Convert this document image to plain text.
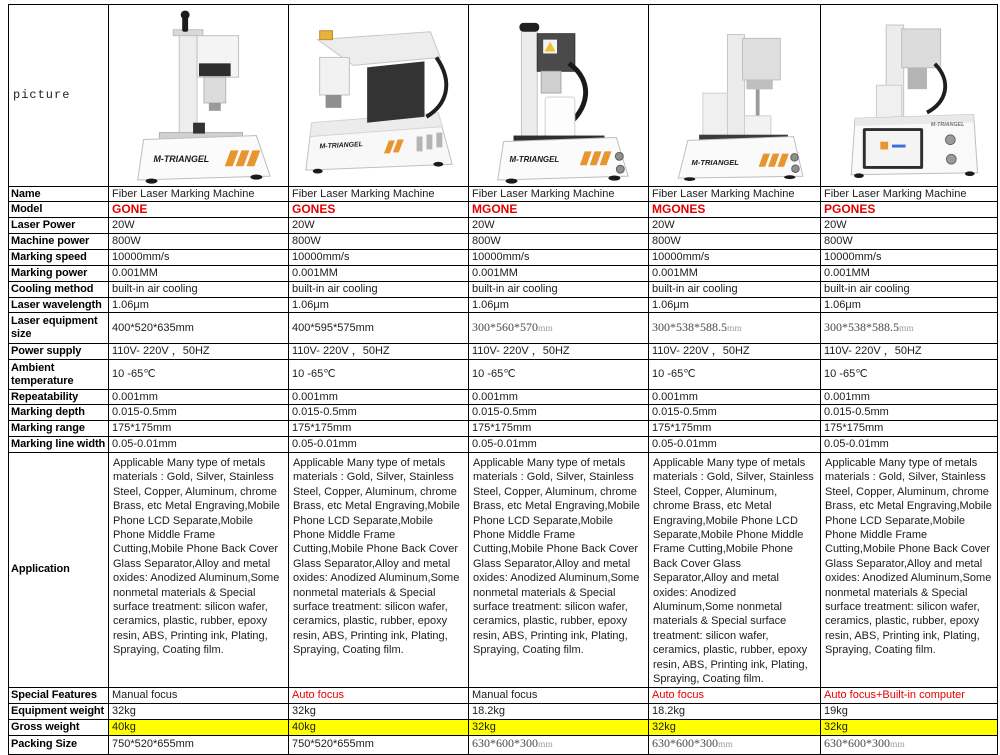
picture	M-TRIANGEL	M-TRIANGEL	M-TRIANGEL	M-TRIANGEL	M-TRIANGEL

Name	Fiber Laser Marking Machine	Fiber Laser Marking Machine	Fiber Laser Marking Machine	Fiber Laser Marking Machine	Fiber Laser Marking Machine
Model	GONE	GONES	MGONE	MGONES	PGONES
Laser Power	20W	20W	20W	20W	20W
Machine power	800W	800W	800W	800W	800W
Marking speed	10000mm/s	10000mm/s	10000mm/s	10000mm/s	10000mm/s
Marking power	0.001MM	0.001MM	0.001MM	0.001MM	0.001MM
Cooling method	built-in air cooling	built-in air cooling	built-in air cooling	built-in air cooling	built-in air cooling
Laser wavelength	1.06μm	1.06μm	1.06μm	1.06μm	1.06μm
Laser equipment size	400*520*635mm	400*595*575mm	300*560*570mm	300*538*588.5mm	300*538*588.5mm
Power supply	110V- 220V ，50HZ	110V- 220V ，50HZ	110V- 220V ，50HZ	110V- 220V ，50HZ	110V- 220V ，50HZ
Ambient temperature	10 -65℃	10 -65℃	10 -65℃	10 -65℃	10 -65℃
Repeatability	0.001mm	0.001mm	0.001mm	0.001mm	0.001mm
Marking depth	0.015-0.5mm	0.015-0.5mm	0.015-0.5mm	0.015-0.5mm	0.015-0.5mm
Marking range	175*175mm	175*175mm	175*175mm	175*175mm	175*175mm
Marking line width	0.05-0.01mm	0.05-0.01mm	0.05-0.01mm	0.05-0.01mm	0.05-0.01mm
Application	Applicable Many type of metals materials : Gold, Silver, Stainless Steel, Copper, Aluminum, chrome Brass, etc Metal Engraving,Mobile Phone LCD Separate,Mobile Phone Middle Frame Cutting,Mobile Phone Back Cover Glass Separator,Alloy and metal oxides: Anodized Aluminum,Some nonmetal materials & Special surface treatment: silicon wafer, ceramics, plastic, rubber, epoxy resin, ABS, Printing ink, Plating, Spraying, Coating film.	Applicable Many type of metals materials : Gold, Silver, Stainless Steel, Copper, Aluminum, chrome Brass, etc Metal Engraving,Mobile Phone LCD Separate,Mobile Phone Middle Frame Cutting,Mobile Phone Back Cover Glass Separator,Alloy and metal oxides: Anodized Aluminum,Some nonmetal materials & Special surface treatment: silicon wafer, ceramics, plastic, rubber, epoxy resin, ABS, Printing ink, Plating, Spraying, Coating film.	Applicable Many type of metals materials : Gold, Silver, Stainless Steel, Copper, Aluminum, chrome Brass, etc Metal Engraving,Mobile Phone LCD Separate,Mobile Phone Middle Frame Cutting,Mobile Phone Back Cover Glass Separator,Alloy and metal oxides: Anodized Aluminum,Some nonmetal materials & Special surface treatment: silicon wafer, ceramics, plastic, rubber, epoxy resin, ABS, Printing ink, Plating, Spraying, Coating film.	Applicable Many type of metals materials : Gold, Silver, Stainless Steel, Copper, Aluminum, chrome Brass, etc Metal Engraving,Mobile Phone LCD Separate,Mobile Phone Middle Frame Cutting,Mobile Phone Back Cover Glass Separator,Alloy and metal oxides: Anodized Aluminum,Some nonmetal materials & Special surface treatment: silicon wafer, ceramics, plastic, rubber, epoxy resin, ABS, Printing ink, Plating, Spraying, Coating film.	Applicable Many type of metals materials : Gold, Silver, Stainless Steel, Copper, Aluminum, chrome Brass, etc Metal Engraving,Mobile Phone LCD Separate,Mobile Phone Middle Frame Cutting,Mobile Phone Back Cover Glass Separator,Alloy and metal oxides: Anodized Aluminum,Some nonmetal materials & Special surface treatment: silicon wafer, ceramics, plastic, rubber, epoxy resin, ABS, Printing ink, Plating, Spraying, Coating film.
Special Features	Manual focus	Auto focus	Manual focus	Auto focus	Auto focus+Built-in computer
Equipment weight	32kg	32kg	18.2kg	18.2kg	19kg
Gross weight	40kg	40kg	32kg	32kg	32kg
Packing Size	750*520*655mm	750*520*655mm	630*600*300mm	630*600*300mm	630*600*300mm
